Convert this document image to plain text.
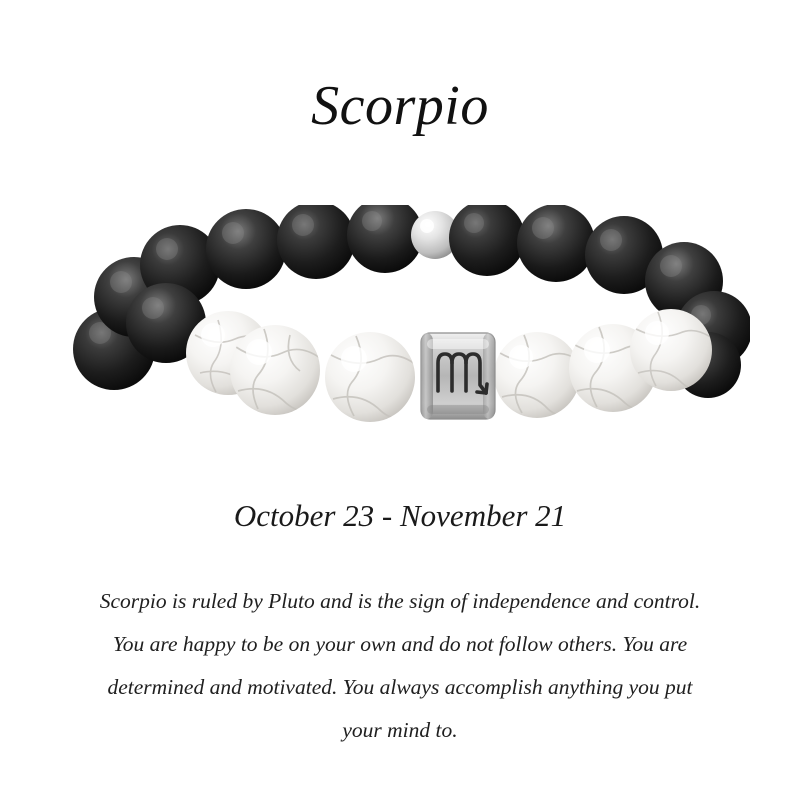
Scorpio
October 23 - November 21
Scorpio is ruled by Pluto and is the sign of independence and control. You are happy to be on your own and do not follow others. You are determined and motivated. You always accomplish anything you put your mind to.
